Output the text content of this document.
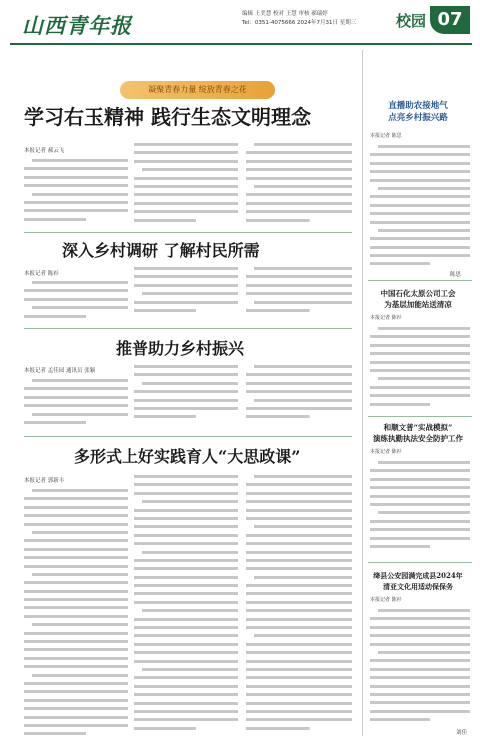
山西青年报	编辑 王美慧 校对 王慧 审核 郝瑞婷
Tel：0351-4075666 2024年7月31日 星期三	校园 07
凝聚青春力量 绽放青春之花
学习右玉精神 践行生态文明理念
本报记者 郝云飞
深入乡村调研 了解村民所需
本报记者 陈衫
推普助力乡村振兴
本报记者 孟佳园 通讯员 张颖
多形式上好实践育人“大思政课”
本报记者 郭新丰
直播助农接地气
点亮乡村振兴路
本报记者 陈思
陈思
中国石化太原公司工会
为基层加能站送清凉
本报记者 陈衫
和顺文普“实战模拟”
演练执勤执法安全防护工作
本报记者 陈衫
绛县公安园满完成县2024年
清亚文化用适动保保务
本报记者 陈衫
刘佳
